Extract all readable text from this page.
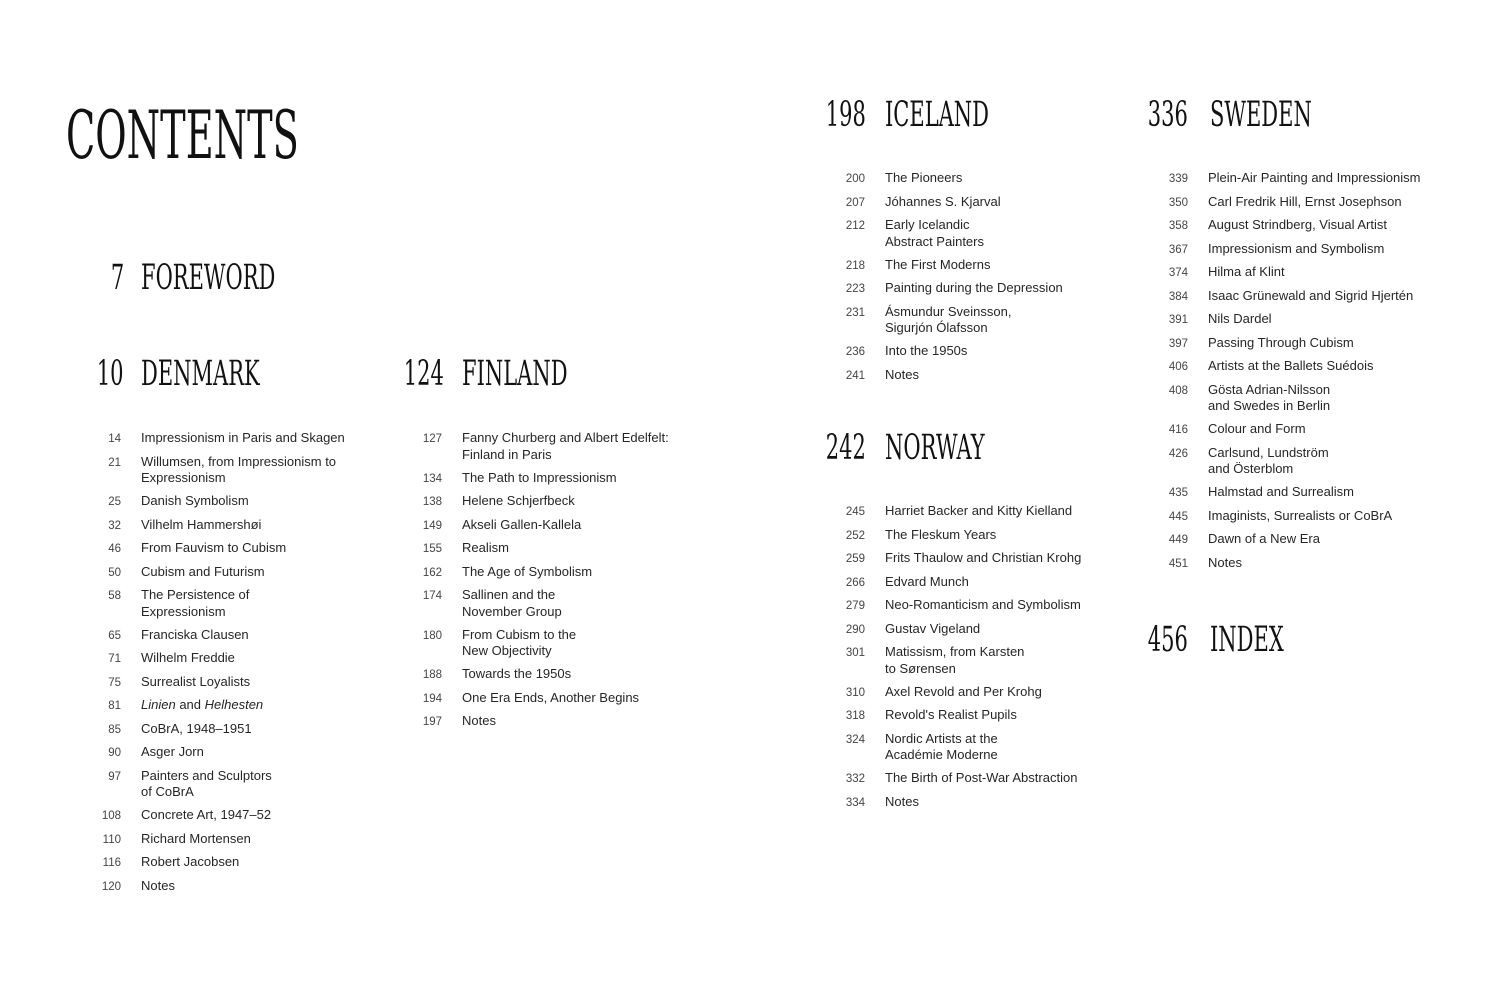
CONTENTS
7 FOREWORD
10 DENMARK
14 Impressionism in Paris and Skagen
21 Willumsen, from Impressionism to
Expressionism
25 Danish Symbolism
32 Vilhelm Hammershøi
46 From Fauvism to Cubism
50 Cubism and Futurism
58 The Persistence of
Expressionism
65 Franciska Clausen
71 Wilhelm Freddie
75 Surrealist Loyalists
81 Linien and Helhesten
85 CoBrA, 1948–1951
90 Asger Jorn
97 Painters and Sculptors
of CoBrA
108 Concrete Art, 1947–52
110 Richard Mortensen
116 Robert Jacobsen
120 Notes
124 FINLAND
127 Fanny Churberg and Albert Edelfelt:
Finland in Paris
134 The Path to Impressionism
138 Helene Schjerfbeck
149 Akseli Gallen-Kallela
155 Realism
162 The Age of Symbolism
174 Sallinen and the
November Group
180 From Cubism to the
New Objectivity
188 Towards the 1950s
194 One Era Ends, Another Begins
197 Notes
198 ICELAND
200 The Pioneers
207 Jóhannes S. Kjarval
212 Early Icelandic
Abstract Painters
218 The First Moderns
223 Painting during the Depression
231 Ásmundur Sveinsson,
Sigurjón Ólafsson
236 Into the 1950s
241 Notes
242 NORWAY
245 Harriet Backer and Kitty Kielland
252 The Fleskum Years
259 Frits Thaulow and Christian Krohg
266 Edvard Munch
279 Neo-Romanticism and Symbolism
290 Gustav Vigeland
301 Matissism, from Karsten
to Sørensen
310 Axel Revold and Per Krohg
318 Revold's Realist Pupils
324 Nordic Artists at the
Académie Moderne
332 The Birth of Post-War Abstraction
334 Notes
336 SWEDEN
339 Plein-Air Painting and Impressionism
350 Carl Fredrik Hill, Ernst Josephson
358 August Strindberg, Visual Artist
367 Impressionism and Symbolism
374 Hilma af Klint
384 Isaac Grünewald and Sigrid Hjertén
391 Nils Dardel
397 Passing Through Cubism
406 Artists at the Ballets Suédois
408 Gösta Adrian-Nilsson
and Swedes in Berlin
416 Colour and Form
426 Carlsund, Lundström
and Österblom
435 Halmstad and Surrealism
445 Imaginists, Surrealists or CoBrA
449 Dawn of a New Era
451 Notes
456 INDEX
